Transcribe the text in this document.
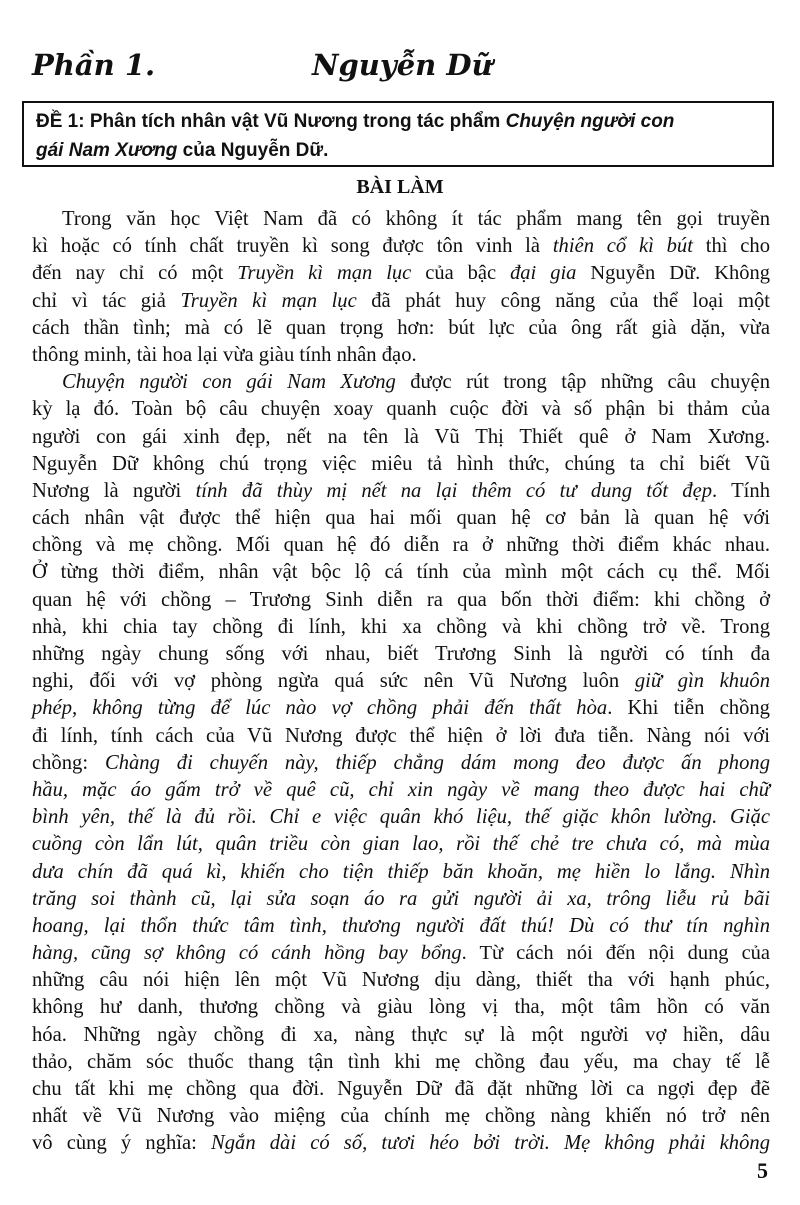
Phần 1.	Nguyễn Dữ
ĐỀ 1: Phân tích nhân vật Vũ Nương trong tác phẩm Chuyện người con
gái Nam Xương của Nguyễn Dữ.
BÀI LÀM
Trong văn học Việt Nam đã có không ít tác phẩm mang tên gọi truyền
kì hoặc có tính chất truyền kì song được tôn vinh là thiên cổ kì bút thì cho
đến nay chỉ có một Truyền kì mạn lục của bậc đại gia Nguyễn Dữ. Không
chỉ vì tác giả Truyền kì mạn lục đã phát huy công năng của thể loại một
cách thần tình; mà có lẽ quan trọng hơn: bút lực của ông rất già dặn, vừa
thông minh, tài hoa lại vừa giàu tính nhân đạo.
Chuyện người con gái Nam Xương được rút trong tập những câu chuyện
kỳ lạ đó. Toàn bộ câu chuyện xoay quanh cuộc đời và số phận bi thảm của
người con gái xinh đẹp, nết na tên là Vũ Thị Thiết quê ở Nam Xương.
Nguyễn Dữ không chú trọng việc miêu tả hình thức, chúng ta chỉ biết Vũ
Nương là người tính đã thùy mị nết na lại thêm có tư dung tốt đẹp. Tính
cách nhân vật được thể hiện qua hai mối quan hệ cơ bản là quan hệ với
chồng và mẹ chồng. Mối quan hệ đó diễn ra ở những thời điểm khác nhau.
Ở từng thời điểm, nhân vật bộc lộ cá tính của mình một cách cụ thể. Mối
quan hệ với chồng – Trương Sinh diễn ra qua bốn thời điểm: khi chồng ở
nhà, khi chia tay chồng đi lính, khi xa chồng và khi chồng trở về. Trong
những ngày chung sống với nhau, biết Trương Sinh là người có tính đa
nghi, đối với vợ phòng ngừa quá sức nên Vũ Nương luôn giữ gìn khuôn
phép, không từng để lúc nào vợ chồng phải đến thất hòa. Khi tiễn chồng
đi lính, tính cách của Vũ Nương được thể hiện ở lời đưa tiễn. Nàng nói với
chồng: Chàng đi chuyến này, thiếp chẳng dám mong đeo được ấn phong
hầu, mặc áo gấm trở về quê cũ, chỉ xin ngày về mang theo được hai chữ
bình yên, thế là đủ rồi. Chỉ e việc quân khó liệu, thế giặc khôn lường. Giặc
cuồng còn lẩn lút, quân triều còn gian lao, rồi thế chẻ tre chưa có, mà mùa
dưa chín đã quá kì, khiến cho tiện thiếp băn khoăn, mẹ hiền lo lắng. Nhìn
trăng soi thành cũ, lại sửa soạn áo ra gửi người ải xa, trông liễu rủ bãi
hoang, lại thổn thức tâm tình, thương người đất thú! Dù có thư tín nghìn
hàng, cũng sợ không có cánh hồng bay bổng. Từ cách nói đến nội dung của
những câu nói hiện lên một Vũ Nương dịu dàng, thiết tha với hạnh phúc,
không hư danh, thương chồng và giàu lòng vị tha, một tâm hồn có văn
hóa. Những ngày chồng đi xa, nàng thực sự là một người vợ hiền, dâu
thảo, chăm sóc thuốc thang tận tình khi mẹ chồng đau yếu, ma chay tế lễ
chu tất khi mẹ chồng qua đời. Nguyễn Dữ đã đặt những lời ca ngợi đẹp đẽ
nhất về Vũ Nương vào miệng của chính mẹ chồng nàng khiến nó trở nên
vô cùng ý nghĩa: Ngắn dài có số, tươi héo bởi trời. Mẹ không phải không
5
